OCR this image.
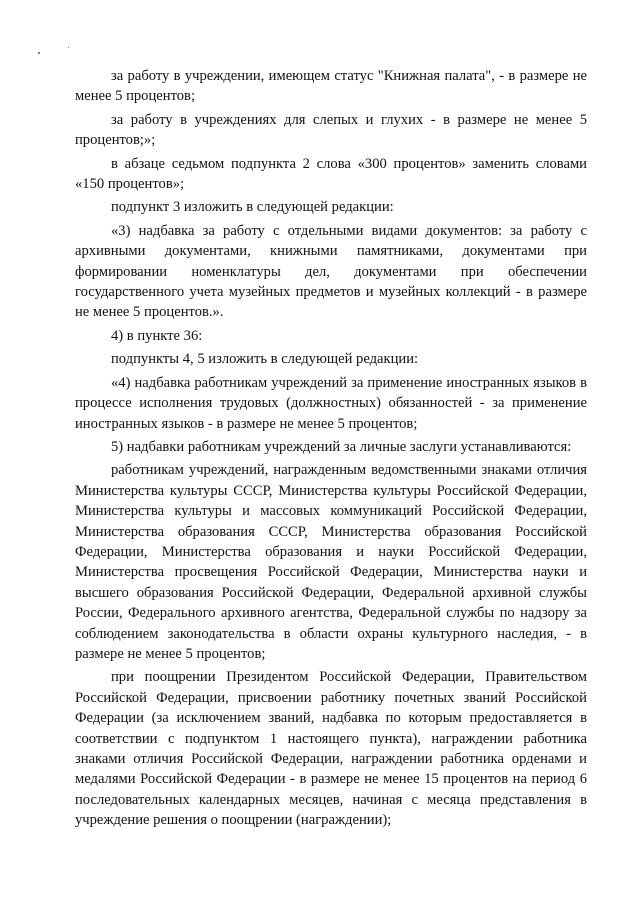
за работу в учреждении, имеющем статус "Книжная палата", - в размере не менее 5 процентов;

за работу в учреждениях для слепых и глухих - в размере не менее 5 процентов;»;

в абзаце седьмом подпункта 2 слова «300 процентов» заменить словами «150 процентов»;

подпункт 3 изложить в следующей редакции:

«3) надбавка за работу с отдельными видами документов: за работу с архивными документами, книжными памятниками, документами при формировании номенклатуры дел, документами при обеспечении государственного учета музейных предметов и музейных коллекций - в размере не менее 5 процентов.».

4) в пункте 36:

подпункты 4, 5 изложить в следующей редакции:

«4) надбавка работникам учреждений за применение иностранных языков в процессе исполнения трудовых (должностных) обязанностей - за применение иностранных языков - в размере не менее 5 процентов;

5) надбавки работникам учреждений за личные заслуги устанавливаются:

работникам учреждений, награжденным ведомственными знаками отличия Министерства культуры СССР, Министерства культуры Российской Федерации, Министерства культуры и массовых коммуникаций Российской Федерации, Министерства образования СССР, Министерства образования Российской Федерации, Министерства образования и науки Российской Федерации, Министерства просвещения Российской Федерации, Министерства науки и высшего образования Российской Федерации, Федеральной архивной службы России, Федерального архивного агентства, Федеральной службы по надзору за соблюдением законодательства в области охраны культурного наследия, - в размере не менее 5 процентов;

при поощрении Президентом Российской Федерации, Правительством Российской Федерации, присвоении работнику почетных званий Российской Федерации (за исключением званий, надбавка по которым предоставляется в соответствии с подпунктом 1 настоящего пункта), награждении работника знаками отличия Российской Федерации, награждении работника орденами и медалями Российской Федерации - в размере не менее 15 процентов на период 6 последовательных календарных месяцев, начиная с месяца представления в учреждение решения о поощрении (награждении);
